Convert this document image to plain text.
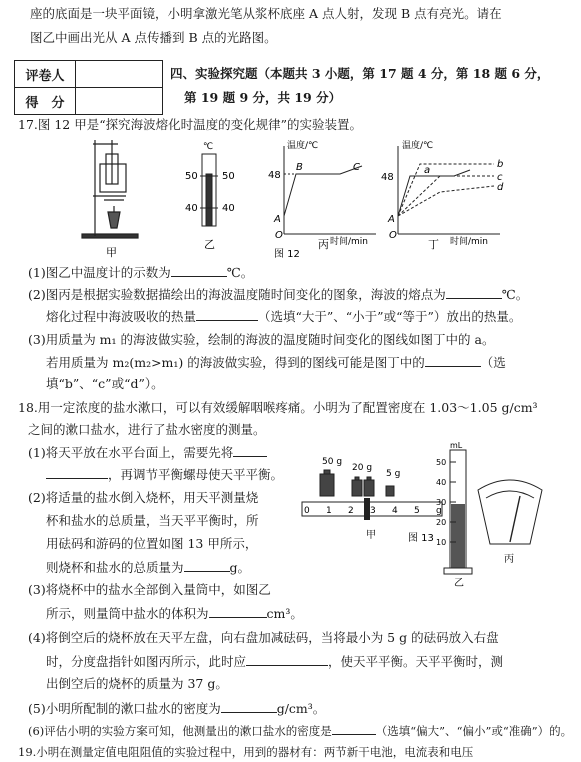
座的底面是一块平面镜，小明拿激光笔从浆杯底座 A 点人射，发现 B 点有亮光。请在
图乙中画出光从 A 点传播到 B 点的光路图。
评卷人	
得　分	
四、实验探究题（本题共 3 小题，第 17 题 4 分，第 18 题 6 分，
第 19 题 9 分，共 19 分）
17.图 12 甲是“探究海波熔化时温度的变化规律”的实验装置。
甲
℃
50 50
40 40
乙
温度/℃
时间/min
48
A
B	C
O
丙
温度/℃
时间/min
48
A
O
a
b
c
d
丁
图 12
(1)图乙中温度计的示数为	℃。
(2)图丙是根据实验数据描绘出的海波温度随时间变化的图象，海波的熔点为	℃。
熔化过程中海波吸收的热量	（选填“大于”、“小于”或“等于”）放出的热量。
(3)用质量为 m₁ 的海波做实验，绘制的海波的温度随时间变化的图线如图丁中的 a。
若用质量为 m₂(m₂>m₁) 的海波做实验，得到的图线可能是图丁中的	（选
填“b”、“c”或“d”）。
18.用一定浓度的盐水漱口，可以有效缓解咽喉疼痛。小明为了配置密度在 1.03～1.05 g/cm³
之间的漱口盐水，进行了盐水密度的测量。
(1)将天平放在水平台面上，需要先将
，再调节平衡螺母使天平平衡。
(2)将适量的盐水倒入烧杯，用天平测量烧
杯和盐水的总质量，当天平平衡时，所
用砝码和游码的位置如图 13 甲所示，
则烧杯和盐水的总质量为	g。
(3)将烧杯中的盐水全部倒入量筒中，如图乙
所示，则量筒中盐水的体积为	cm³。
50 g
20 g
5 g
0 1 2 3 4 5 g
甲
mL
50
40
30
20
10
乙
丙
图 13
(4)将倒空后的烧杯放在天平左盘，向右盘加减砝码，当将最小为 5 g 的砝码放入右盘
时，分度盘指针如图丙所示，此时应	，使天平平衡。天平平衡时，测
出倒空后的烧杯的质量为 37 g。
(5)小明所配制的漱口盐水的密度为	g/cm³。
(6)评估小明的实验方案可知，他测量出的漱口盐水的密度是	（选填“偏大”、“偏小”或“准确”）的。
19.小明在测量定值电阻阻值的实验过程中，用到的器材有：两节新干电池，电流表和电压
